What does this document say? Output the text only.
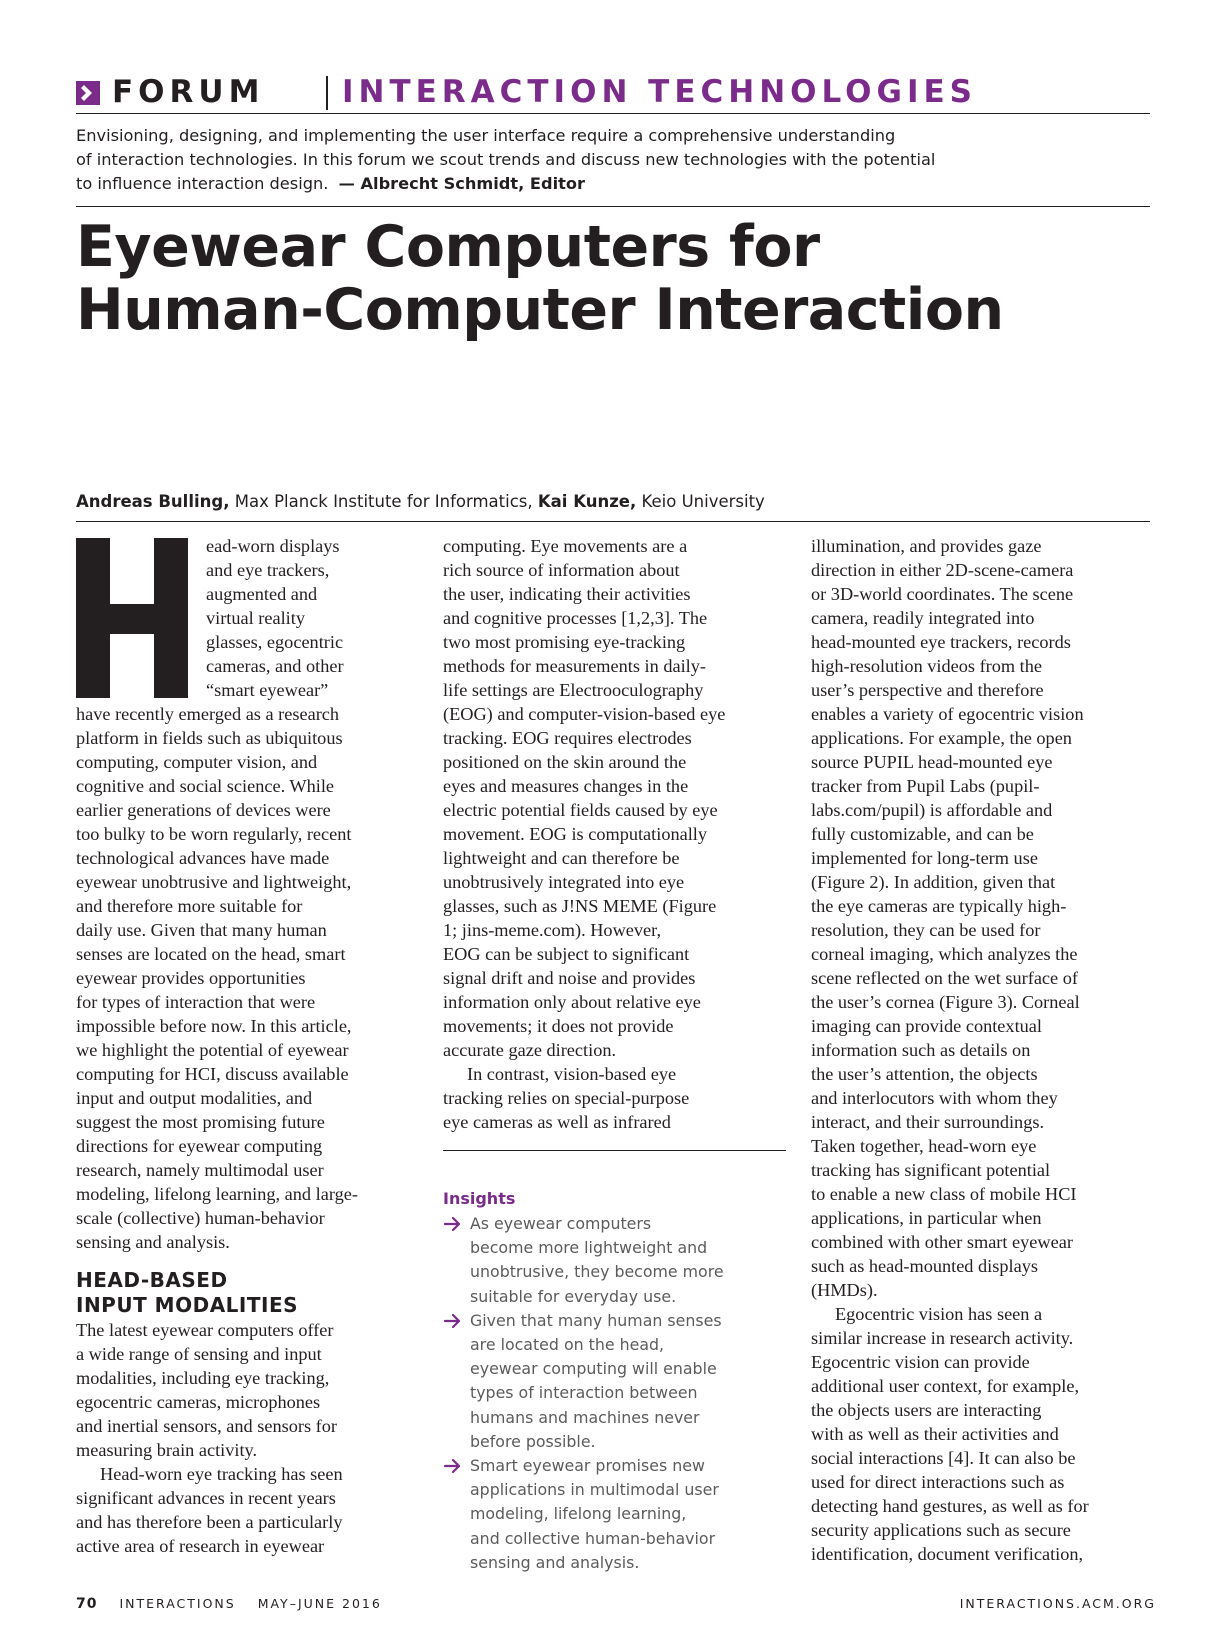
FORUM	INTERACTION TECHNOLOGIES
Envisioning, designing, and implementing the user interface require a comprehensive understanding
of interaction technologies. In this forum we scout trends and discuss new technologies with the potential
to influence interaction design. — Albrecht Schmidt, Editor
Eyewear Computers for
Human-Computer Interaction
Andreas Bulling, Max Planck Institute for Informatics, Kai Kunze, Keio University
ead-worn displays
and eye trackers,
augmented and
virtual reality
glasses, egocentric
cameras, and other
“smart eyewear”
have recently emerged as a research
platform in fields such as ubiquitous
computing, computer vision, and
cognitive and social science. While
earlier generations of devices were
too bulky to be worn regularly, recent
technological advances have made
eyewear unobtrusive and lightweight,
and therefore more suitable for
daily use. Given that many human
senses are located on the head, smart
eyewear provides opportunities
for types of interaction that were
impossible before now. In this article,
we highlight the potential of eyewear
computing for HCI, discuss available
input and output modalities, and
suggest the most promising future
directions for eyewear computing
research, namely multimodal user
modeling, lifelong learning, and large-
scale (collective) human-behavior
sensing and analysis.
HEAD-BASED
INPUT MODALITIES
The latest eyewear computers offer
a wide range of sensing and input
modalities, including eye tracking,
egocentric cameras, microphones
and inertial sensors, and sensors for
measuring brain activity.
Head-worn eye tracking has seen
significant advances in recent years
and has therefore been a particularly
active area of research in eyewear
computing. Eye movements are a
rich source of information about
the user, indicating their activities
and cognitive processes [1,2,3]. The
two most promising eye-tracking
methods for measurements in daily-
life settings are Electrooculography
(EOG) and computer-vision-based eye
tracking. EOG requires electrodes
positioned on the skin around the
eyes and measures changes in the
electric potential fields caused by eye
movement. EOG is computationally
lightweight and can therefore be
unobtrusively integrated into eye
glasses, such as J!NS MEME (Figure
1; jins-meme.com). However,
EOG can be subject to significant
signal drift and noise and provides
information only about relative eye
movements; it does not provide
accurate gaze direction.
In contrast, vision-based eye
tracking relies on special-purpose
eye cameras as well as infrared
Insights
As eyewear computers
become more lightweight and
unobtrusive, they become more
suitable for everyday use.
Given that many human senses
are located on the head,
eyewear computing will enable
types of interaction between
humans and machines never
before possible.
Smart eyewear promises new
applications in multimodal user
modeling, lifelong learning,
and collective human-behavior
sensing and analysis.
illumination, and provides gaze
direction in either 2D-scene-camera
or 3D-world coordinates. The scene
camera, readily integrated into
head-mounted eye trackers, records
high-resolution videos from the
user’s perspective and therefore
enables a variety of egocentric vision
applications. For example, the open
source PUPIL head-mounted eye
tracker from Pupil Labs (pupil-
labs.com/pupil) is affordable and
fully customizable, and can be
implemented for long-term use
(Figure 2). In addition, given that
the eye cameras are typically high-
resolution, they can be used for
corneal imaging, which analyzes the
scene reflected on the wet surface of
the user’s cornea (Figure 3). Corneal
imaging can provide contextual
information such as details on
the user’s attention, the objects
and interlocutors with whom they
interact, and their surroundings.
Taken together, head-worn eye
tracking has significant potential
to enable a new class of mobile HCI
applications, in particular when
combined with other smart eyewear
such as head-mounted displays
(HMDs).
Egocentric vision has seen a
similar increase in research activity.
Egocentric vision can provide
additional user context, for example,
the objects users are interacting
with as well as their activities and
social interactions [4]. It can also be
used for direct interactions such as
detecting hand gestures, as well as for
security applications such as secure
identification, document verification,
70 INTERACTIONS MAY–JUNE 2016	INTERACTIONS.ACM.ORG
